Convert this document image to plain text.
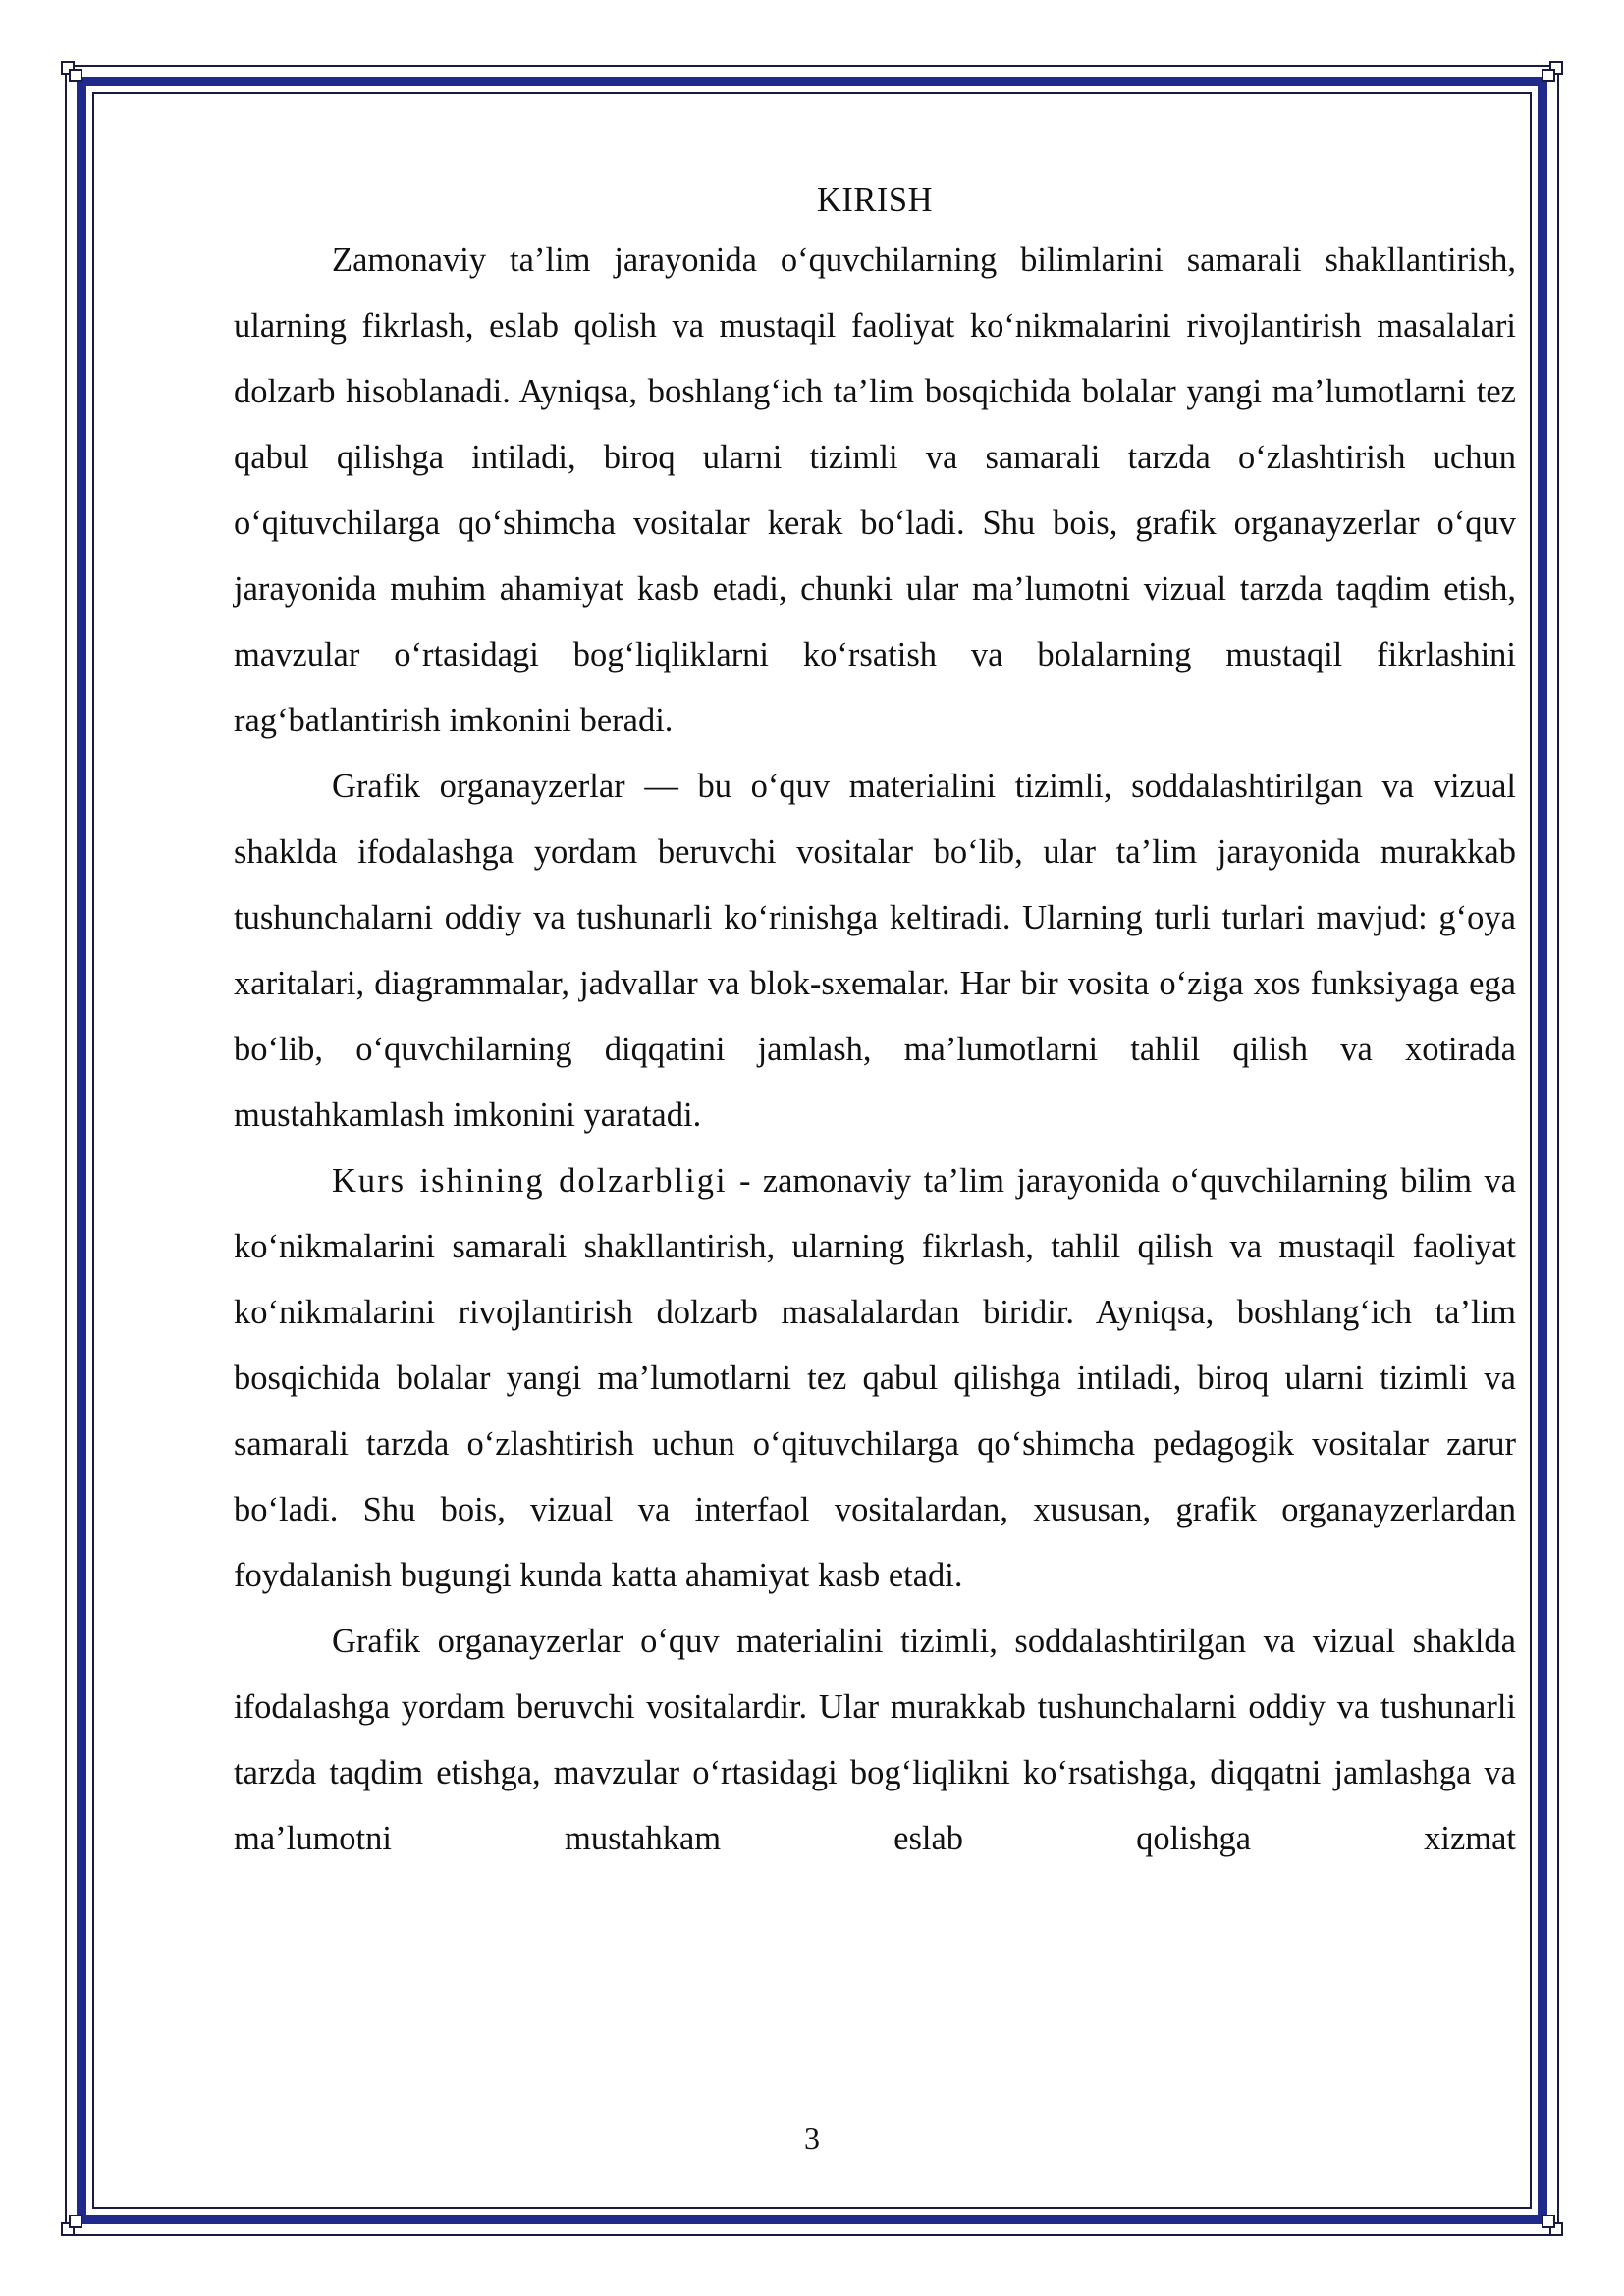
KIRISH

Zamonaviy ta’lim jarayonida o‘quvchilarning bilimlarini samarali shakllantirish, ularning fikrlash, eslab qolish va mustaqil faoliyat ko‘nikmalarini rivojlantirish masalalari dolzarb hisoblanadi. Ayniqsa, boshlang‘ich ta’lim bosqichida bolalar yangi ma’lumotlarni tez qabul qilishga intiladi, biroq ularni tizimli va samarali tarzda o‘zlashtirish uchun o‘qituvchilarga qo‘shimcha vositalar kerak bo‘ladi. Shu bois, grafik organayzerlar o‘quv jarayonida muhim ahamiyat kasb etadi, chunki ular ma’lumotni vizual tarzda taqdim etish, mavzular o‘rtasidagi bog‘liqliklarni ko‘rsatish va bolalarning mustaqil fikrlashini rag‘batlantirish imkonini beradi.

Grafik organayzerlar — bu o‘quv materialini tizimli, soddalashtirilgan va vizual shaklda ifodalashga yordam beruvchi vositalar bo‘lib, ular ta’lim jarayonida murakkab tushunchalarni oddiy va tushunarli ko‘rinishga keltiradi. Ularning turli turlari mavjud: g‘oya xaritalari, diagrammalar, jadvallar va blok-sxemalar. Har bir vosita o‘ziga xos funksiyaga ega bo‘lib, o‘quvchilarning diqqatini jamlash, ma’lumotlarni tahlil qilish va xotirada mustahkamlash imkonini yaratadi.

Kurs ishining dolzarbligi - zamonaviy ta’lim jarayonida o‘quvchilarning bilim va ko‘nikmalarini samarali shakllantirish, ularning fikrlash, tahlil qilish va mustaqil faoliyat ko‘nikmalarini rivojlantirish dolzarb masalalardan biridir. Ayniqsa, boshlang‘ich ta’lim bosqichida bolalar yangi ma’lumotlarni tez qabul qilishga intiladi, biroq ularni tizimli va samarali tarzda o‘zlashtirish uchun o‘qituvchilarga qo‘shimcha pedagogik vositalar zarur bo‘ladi. Shu bois, vizual va interfaol vositalardan, xususan, grafik organayzerlardan foydalanish bugungi kunda katta ahamiyat kasb etadi.

Grafik organayzerlar o‘quv materialini tizimli, soddalashtirilgan va vizual shaklda ifodalashga yordam beruvchi vositalardir. Ular murakkab tushunchalarni oddiy va tushunarli tarzda taqdim etishga, mavzular o‘rtasidagi bog‘liqlikni ko‘rsatishga, diqqatni jamlashga va ma’lumotni mustahkam eslab qolishga xizmat

3
